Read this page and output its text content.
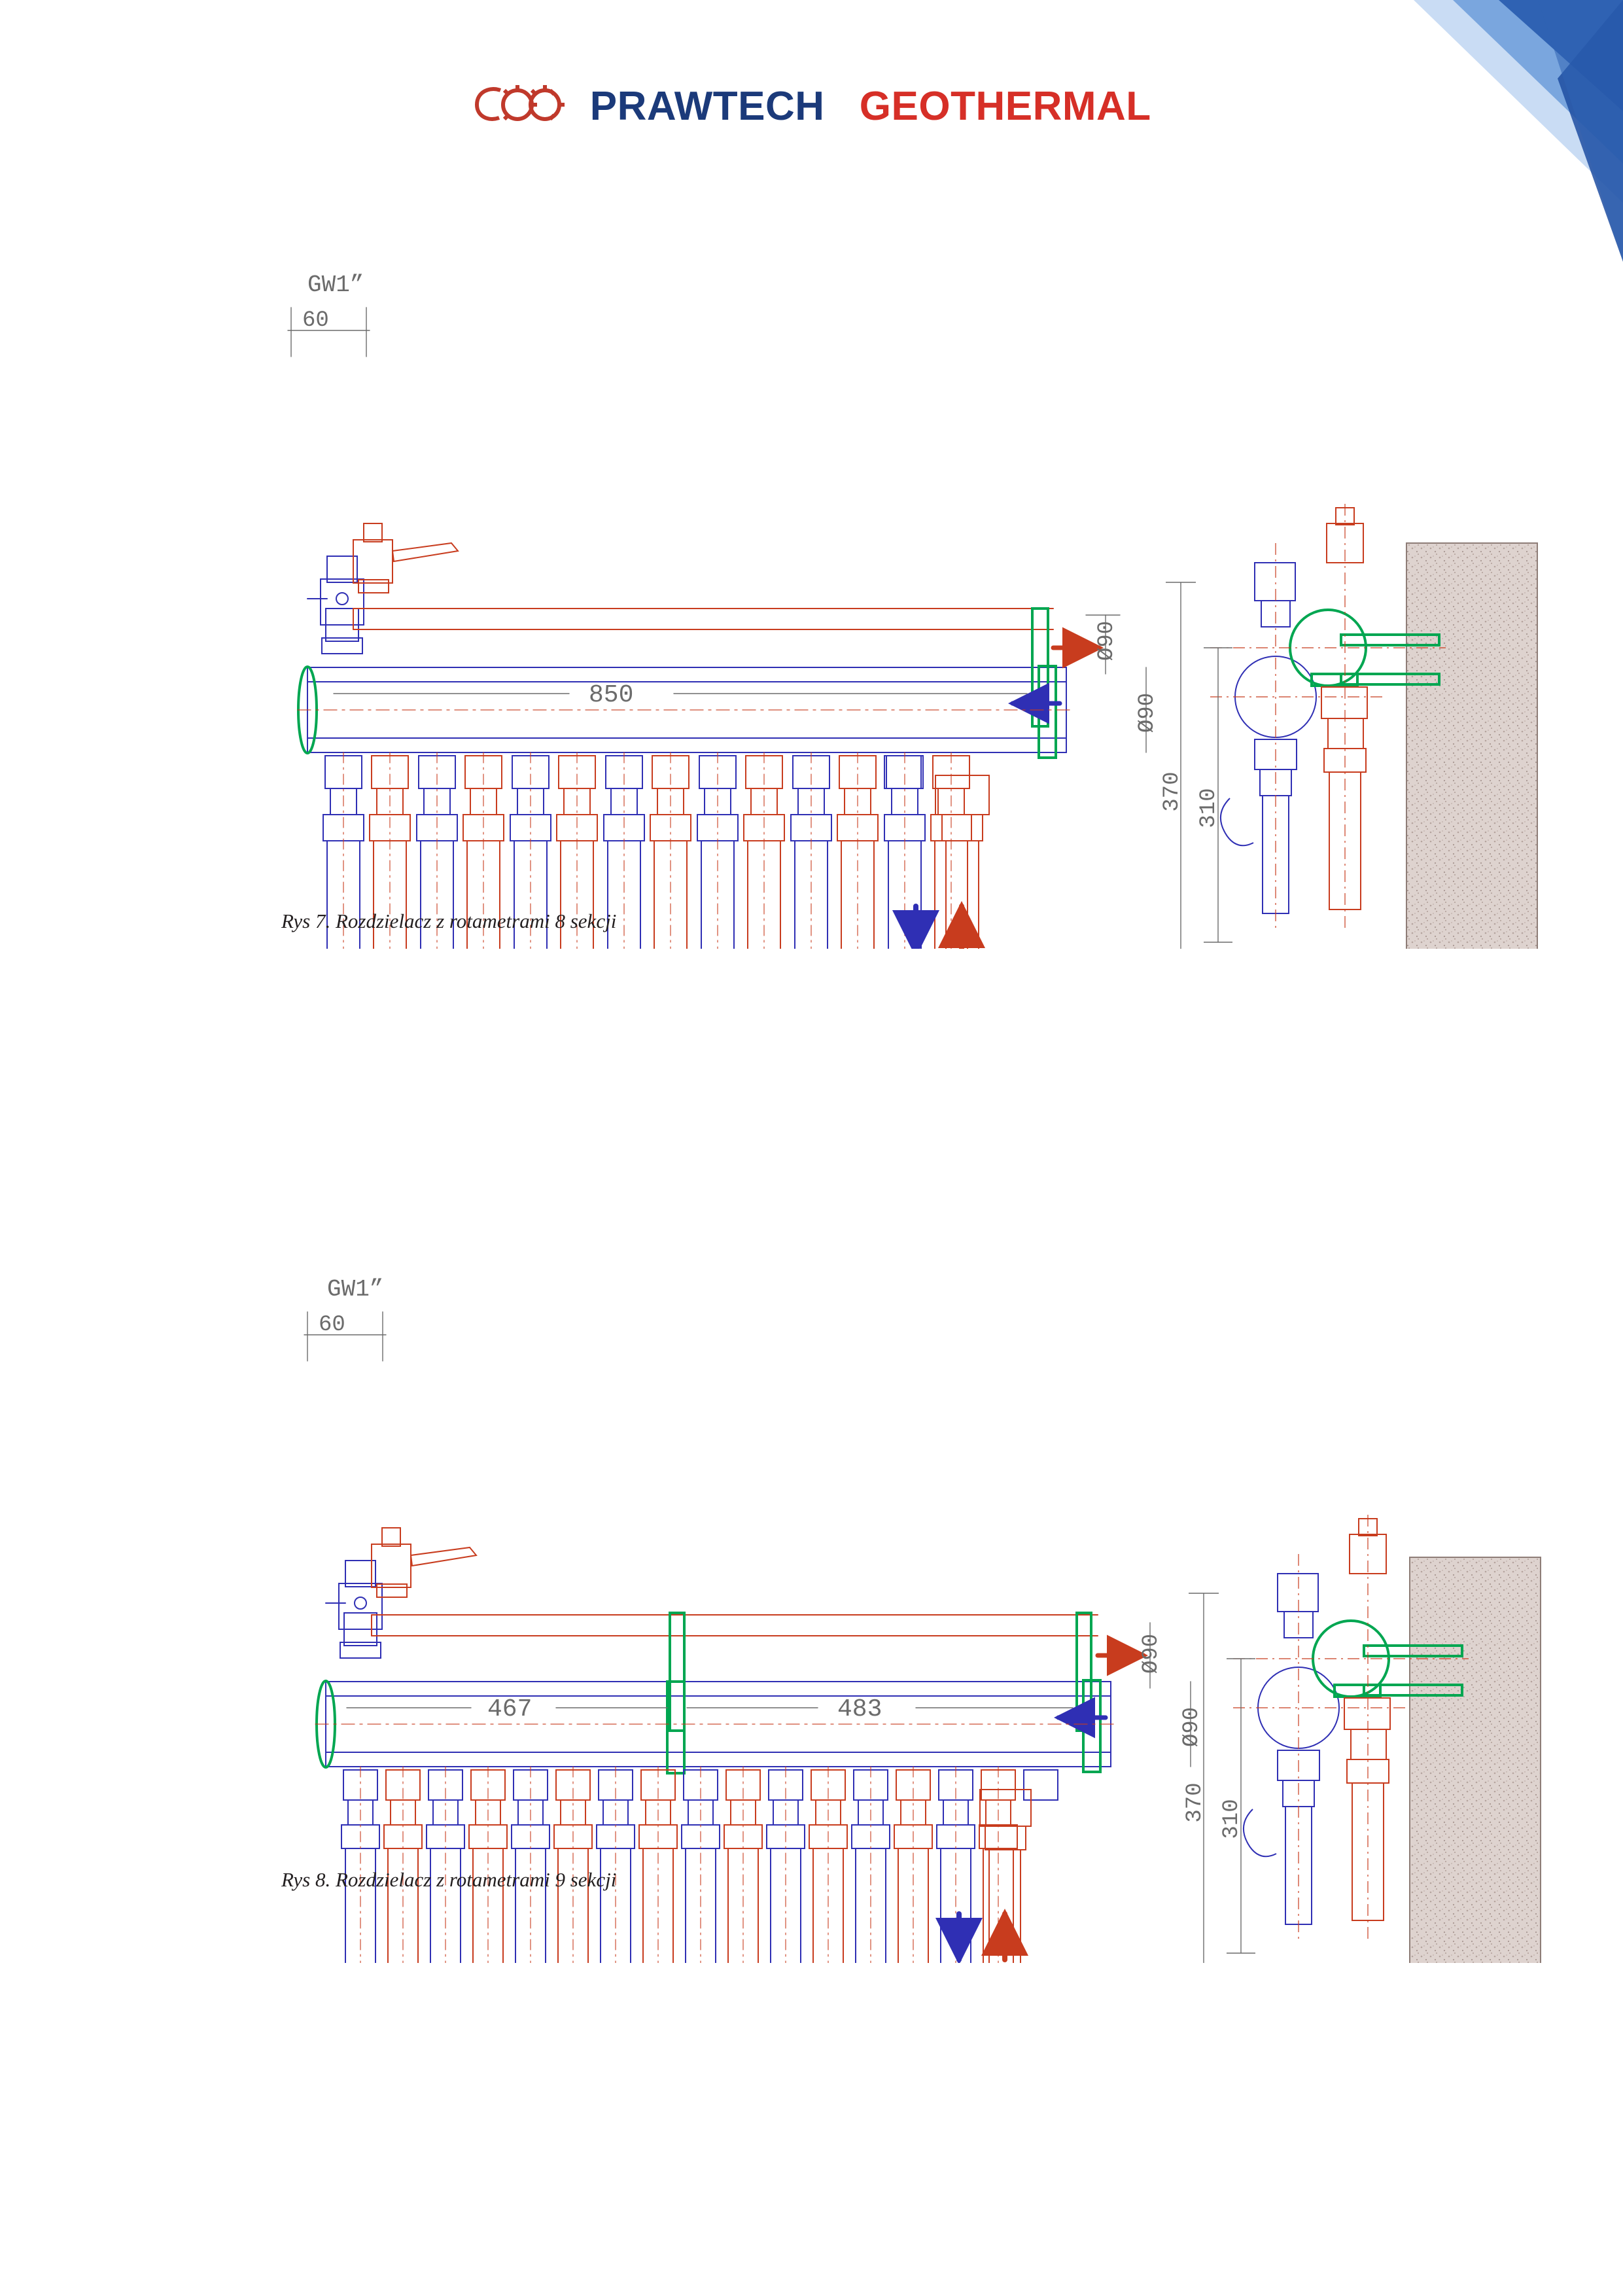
PRAWTECH GEOTHERMAL
GW1”
60
850
Ø90
Ø90
370 310
Rys 7. Rozdzielacz z rotametrami 8 sekcji
GW1”
60
467	483
Ø90
Ø90
370 310
Rys 8. Rozdzielacz z rotametrami 9 sekcji
